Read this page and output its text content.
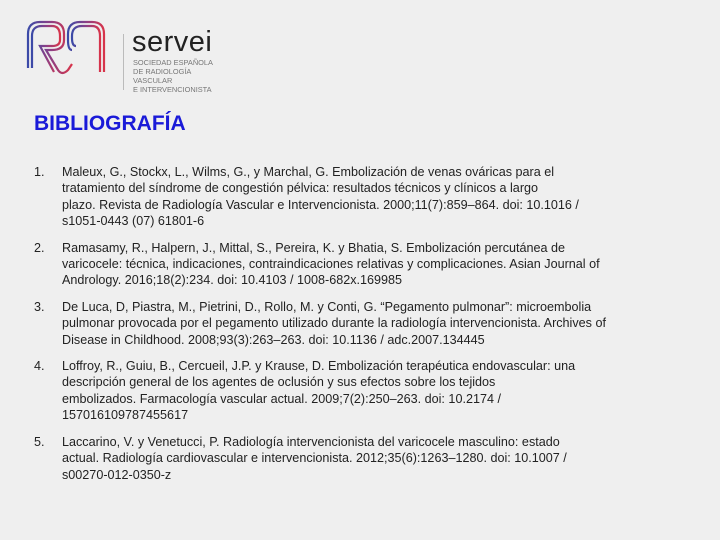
servei
SOCIEDAD ESPAÑOLA
DE RADIOLOGÍA
VASCULAR
E INTERVENCIONISTA
BIBLIOGRAFÍA
1.	Maleux, G., Stockx, L., Wilms, G., y Marchal, G. Embolización de venas ováricas para el
tratamiento del síndrome de congestión pélvica: resultados técnicos y clínicos a largo
plazo. Revista de Radiología Vascular e Intervencionista. 2000;11(7):859–864. doi: 10.1016 /
s1051-0443 (07) 61801-6
2.	Ramasamy, R., Halpern, J., Mittal, S., Pereira, K. y Bhatia, S. Embolización percutánea de
varicocele: técnica, indicaciones, contraindicaciones relativas y complicaciones. Asian Journal of
Andrology. 2016;18(2):234. doi: 10.4103 / 1008-682x.169985
3.	De Luca, D, Piastra, M., Pietrini, D., Rollo, M. y Conti, G. “Pegamento pulmonar”: microembolia
pulmonar provocada por el pegamento utilizado durante la radiología intervencionista. Archives of
Disease in Childhood. 2008;93(3):263–263. doi: 10.1136 / adc.2007.134445
4.	Loffroy, R., Guiu, B., Cercueil, J.P. y Krause, D. Embolización terapéutica endovascular: una
descripción general de los agentes de oclusión y sus efectos sobre los tejidos
embolizados. Farmacología vascular actual. 2009;7(2):250–263. doi: 10.2174 /
157016109787455617
5.	Laccarino, V. y Venetucci, P. Radiología intervencionista del varicocele masculino: estado
actual. Radiología cardiovascular e intervencionista. 2012;35(6):1263–1280. doi: 10.1007 /
s00270-012-0350-z
